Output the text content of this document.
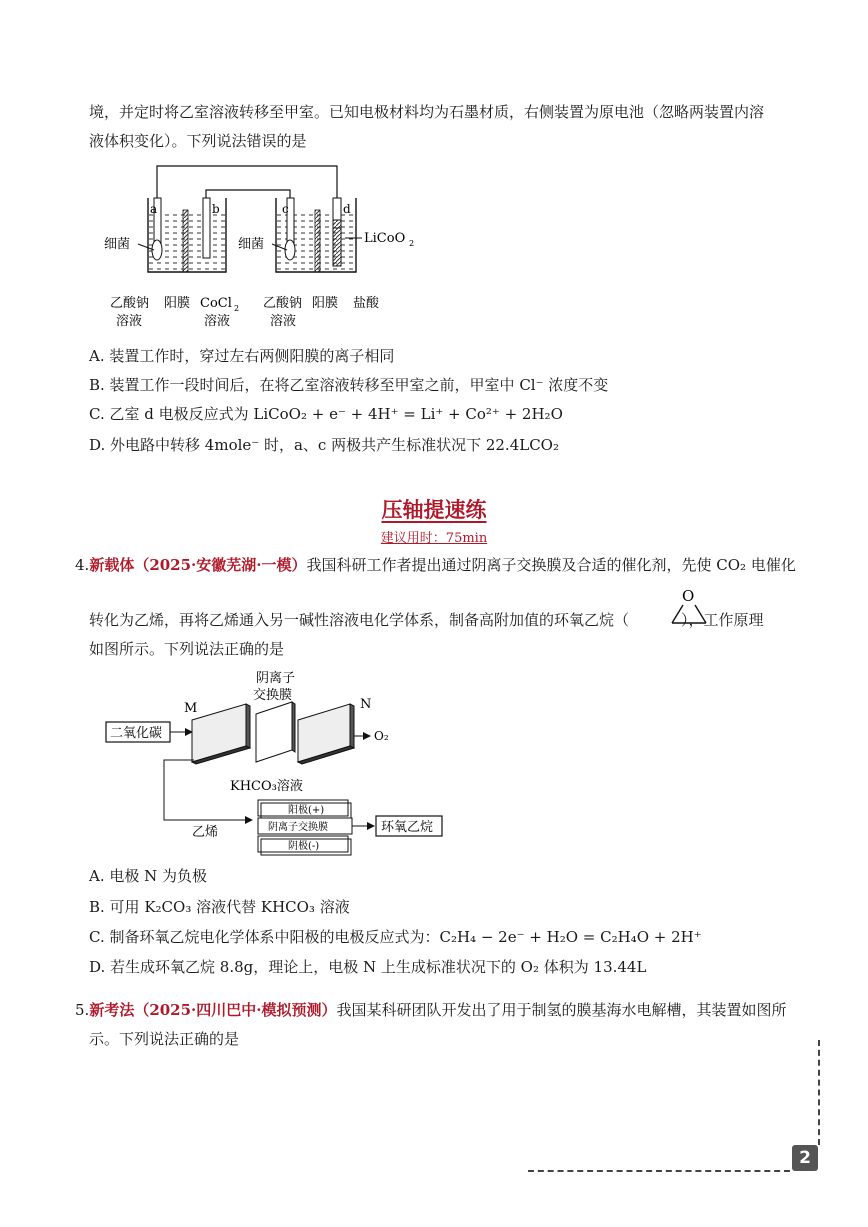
境，并定时将乙室溶液转移至甲室。已知电极材料均为石墨材质，右侧装置为原电池（忽略两装置内溶
液体积变化）。下列说法错误的是
a	b	c	d
细菌	细菌	LiCoO 2
乙酸钠
溶液
阳膜 CoCl 2
溶液
乙酸钠
溶液
阳膜 盐酸
A. 装置工作时，穿过左右两侧阳膜的离子相同
B. 装置工作一段时间后，在将乙室溶液转移至甲室之前，甲室中 Cl⁻ 浓度不变
C. 乙室 d 电极反应式为 LiCoO₂ + e⁻ + 4H⁺ = Li⁺ + Co²⁺ + 2H₂O
D. 外电路中转移 4mole⁻ 时，a、c 两极共产生标准状况下 22.4LCO₂
压轴提速练
建议用时：75min
4.新载体（2025·安徽芜湖·一模）我国科研工作者提出通过阴离子交换膜及合适的催化剂，先使 CO₂ 电催化
转化为乙烯，再将乙烯通入另一碱性溶液电化学体系，制备高附加值的环氧乙烷（	），工作原理
O
如图所示。下列说法正确的是
二氧化碳
M
阴离子
交换膜
N
O₂
KHCO₃溶液
乙烯
阳极(+)
阴离子交换膜
阴极(-)
环氧乙烷
A. 电极 N 为负极
B. 可用 K₂CO₃ 溶液代替 KHCO₃ 溶液
C. 制备环氧乙烷电化学体系中阳极的电极反应式为：C₂H₄ − 2e⁻ + H₂O = C₂H₄O + 2H⁺
D. 若生成环氧乙烷 8.8g，理论上，电极 N 上生成标准状况下的 O₂ 体积为 13.44L
5.新考法（2025·四川巴中·模拟预测）我国某科研团队开发出了用于制氢的膜基海水电解槽，其装置如图所
示。下列说法正确的是
2
